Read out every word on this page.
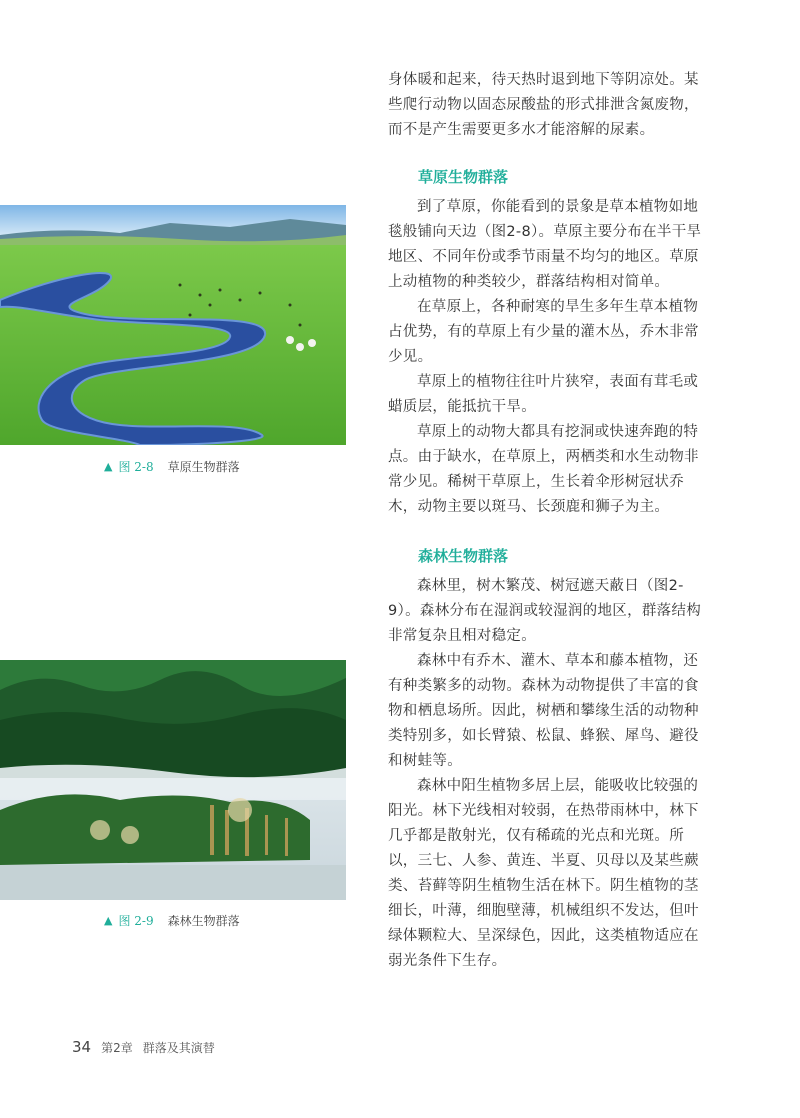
▲ 图 2-8 草原生物群落
▲ 图 2-9 森林生物群落

身体暖和起来，待天热时退到地下等阴凉处。某些爬行动物以固态尿酸盐的形式排泄含氮废物，而不是产生需要更多水才能溶解的尿素。

草原生物群落

到了草原，你能看到的景象是草本植物如地毯般铺向天边（图2-8）。草原主要分布在半干旱地区、不同年份或季节雨量不均匀的地区。草原上动植物的种类较少，群落结构相对简单。

在草原上，各种耐寒的旱生多年生草本植物占优势，有的草原上有少量的灌木丛，乔木非常少见。

草原上的植物往往叶片狭窄，表面有茸毛或蜡质层，能抵抗干旱。

草原上的动物大都具有挖洞或快速奔跑的特点。由于缺水，在草原上，两栖类和水生动物非常少见。稀树干草原上，生长着伞形树冠状乔木，动物主要以斑马、长颈鹿和狮子为主。

森林生物群落

森林里，树木繁茂、树冠遮天蔽日（图2-9）。森林分布在湿润或较湿润的地区，群落结构非常复杂且相对稳定。

森林中有乔木、灌木、草本和藤本植物，还有种类繁多的动物。森林为动物提供了丰富的食物和栖息场所。因此，树栖和攀缘生活的动物种类特别多，如长臂猿、松鼠、蜂猴、犀鸟、避役和树蛙等。

森林中阳生植物多居上层，能吸收比较强的阳光。林下光线相对较弱，在热带雨林中，林下几乎都是散射光，仅有稀疏的光点和光斑。所以，三七、人参、黄连、半夏、贝母以及某些蕨类、苔藓等阴生植物生活在林下。阴生植物的茎细长，叶薄，细胞壁薄，机械组织不发达，但叶绿体颗粒大、呈深绿色，因此，这类植物适应在弱光条件下生存。

34 第2章 群落及其演替
